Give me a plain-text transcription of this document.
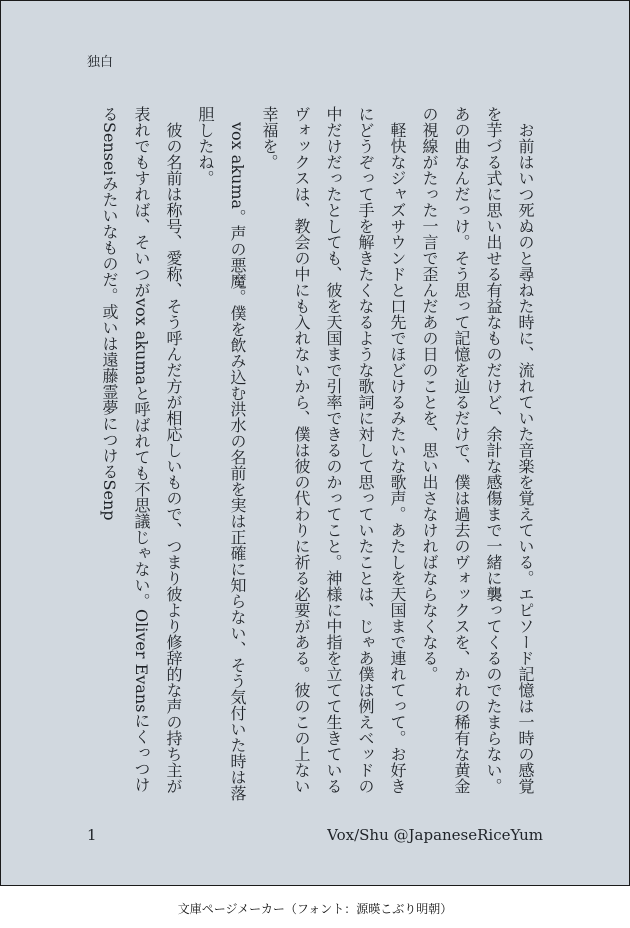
独白

お前はいつ死ぬのと尋ねた時に、流れていた音楽を覚えている。エピソード記憶は一時の感覚を芋づる式に思い出せる有益なものだけど、余計な感傷まで一緒に襲ってくるのでたまらない。あの曲なんだっけ。そう思って記憶を辿るだけで、僕は過去のヴォックスを、かれの稀有な黄金の視線がたった一言で歪んだあの日のことを、思い出さなければならなくなる。

軽快なジャズサウンドと口先でほどけるみたいな歌声。あたしを天国まで連れてって。お好きにどうぞって手を解きたくなるような歌詞に対して思っていたことは、じゃあ僕は例えベッドの中だけだったとしても、彼を天国まで引率できるのかってこと。神様に中指を立てて生きているヴォックスは、教会の中にも入れないから、僕は彼の代わりに祈る必要がある。彼のこの上ない幸福を。

vox akuma。声の悪魔。僕を飲み込む洪水の名前を実は正確に知らない、そう気付いた時は落胆したね。

彼の名前は称号、愛称、そう呼んだ方が相応しいもので、つまり彼より修辞的な声の持ち主が表れでもすれば、そいつがvox akumaと呼ばれても不思議じゃない。Oliver EvansにくっつけるSenseiみたいなものだ。或いは遠藤霊夢につけるSenp

1	Vox/Shu @JapaneseRiceYum
文庫ページメーカー（フォント：源暎こぶり明朝）
